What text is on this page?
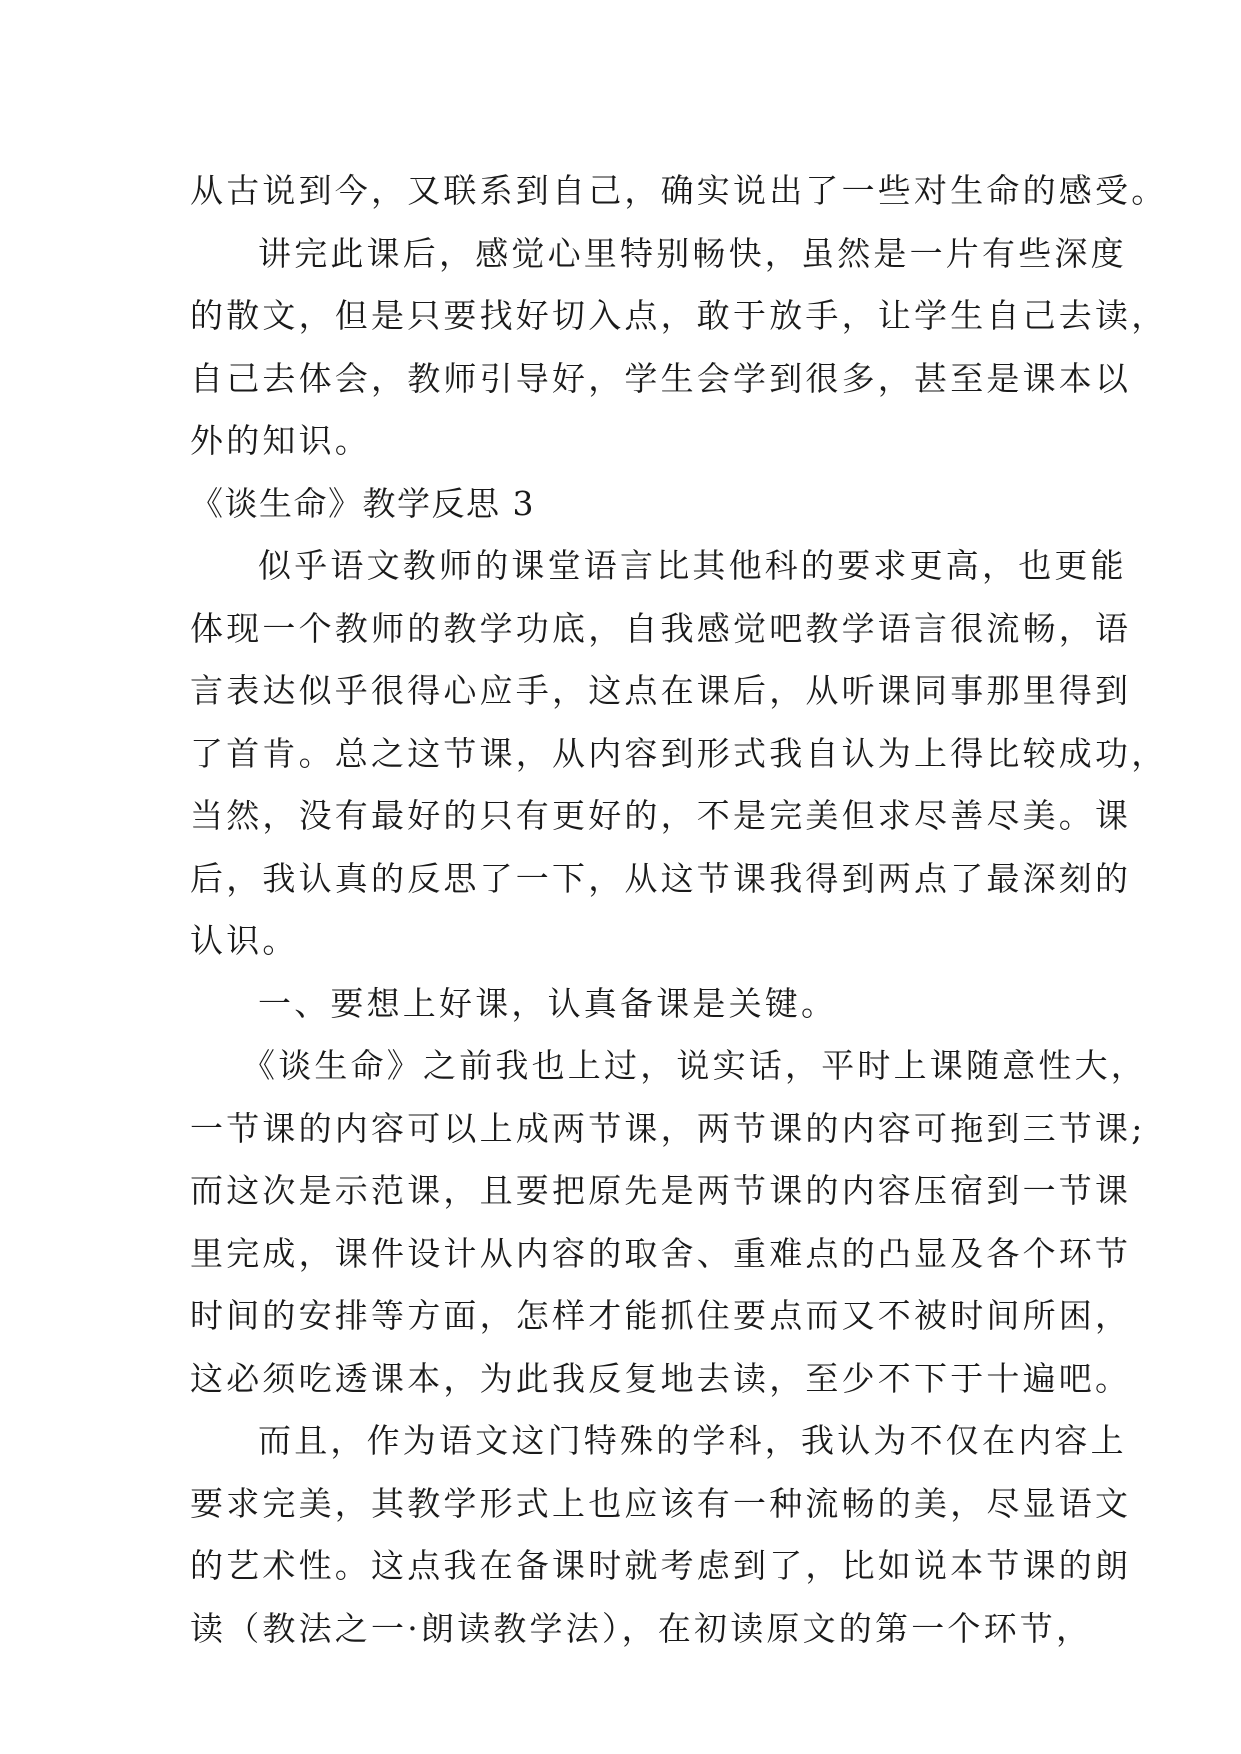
从古说到今，又联系到自己，确实说出了一些对生命的感受。
讲完此课后，感觉心里特别畅快，虽然是一片有些深度
的散文，但是只要找好切入点，敢于放手，让学生自己去读，
自己去体会，教师引导好，学生会学到很多，甚至是课本以
外的知识。
《谈生命》教学反思 3
似乎语文教师的课堂语言比其他科的要求更高，也更能
体现一个教师的教学功底，自我感觉吧教学语言很流畅，语
言表达似乎很得心应手，这点在课后，从听课同事那里得到
了首肯。总之这节课，从内容到形式我自认为上得比较成功，
当然，没有最好的只有更好的，不是完美但求尽善尽美。课
后，我认真的反思了一下，从这节课我得到两点了最深刻的
认识。
一、要想上好课，认真备课是关键。
《谈生命》之前我也上过，说实话，平时上课随意性大，
一节课的内容可以上成两节课，两节课的内容可拖到三节课;
而这次是示范课，且要把原先是两节课的内容压宿到一节课
里完成，课件设计从内容的取舍、重难点的凸显及各个环节
时间的安排等方面，怎样才能抓住要点而又不被时间所困，
这必须吃透课本，为此我反复地去读，至少不下于十遍吧。
而且，作为语文这门特殊的学科，我认为不仅在内容上
要求完美，其教学形式上也应该有一种流畅的美，尽显语文
的艺术性。这点我在备课时就考虑到了，比如说本节课的朗
读（教法之一·朗读教学法），在初读原文的第一个环节，
